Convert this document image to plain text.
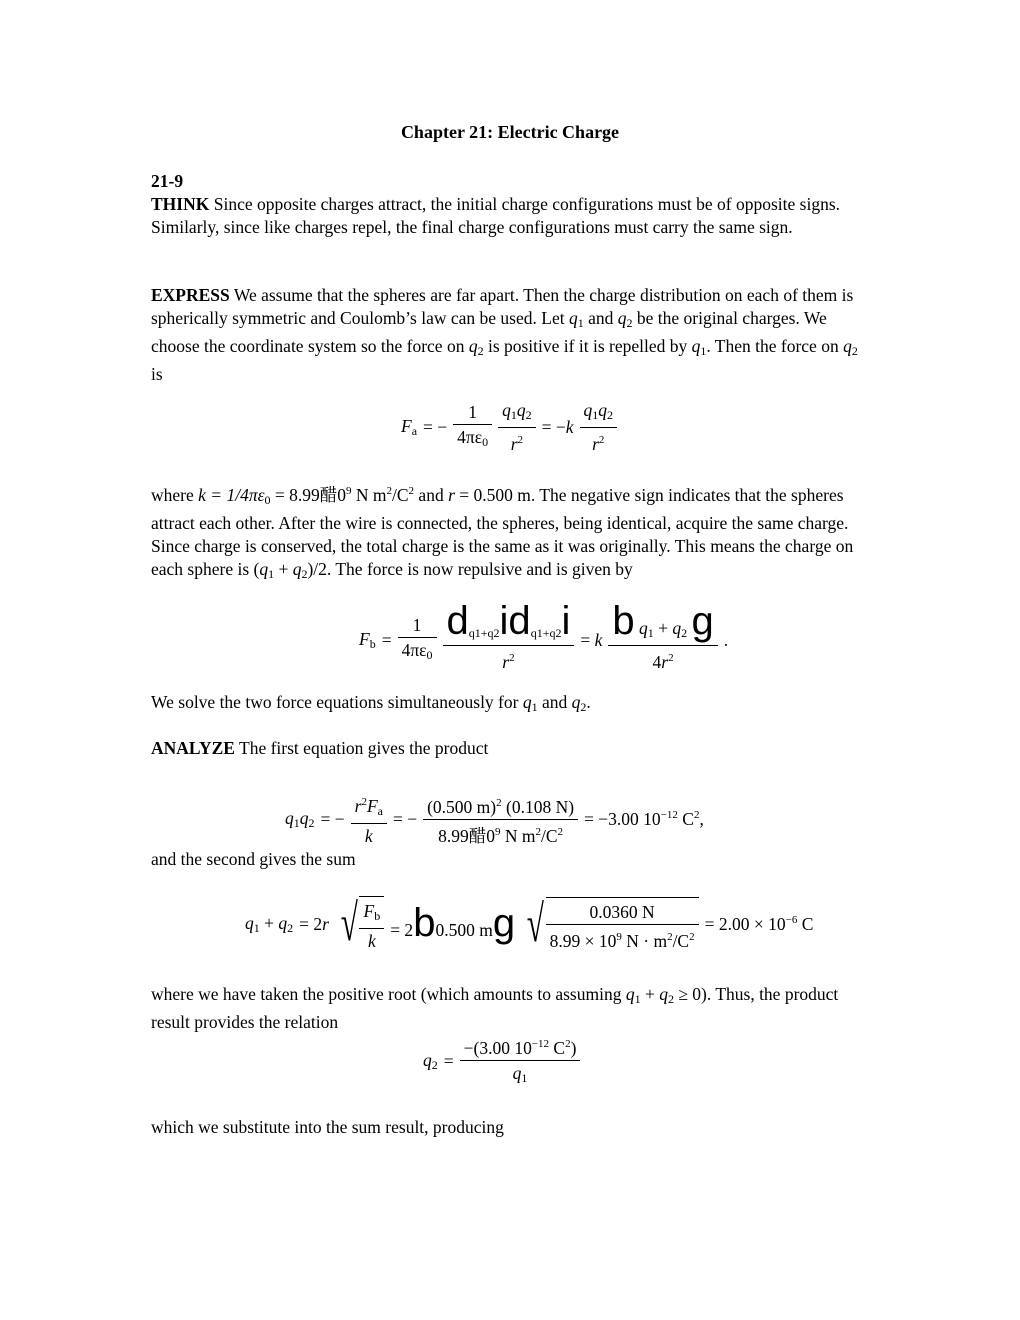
Chapter 21: Electric Charge
21-9

THINK Since opposite charges attract, the initial charge configurations must be of opposite signs. Similarly, since like charges repel, the final charge configurations must carry the same sign.

EXPRESS We assume that the spheres are far apart. Then the charge distribution on each of them is spherically symmetric and Coulomb’s law can be used. Let $q_1$ and $q_2$ be the original charges. We choose the coordinate system so the force on $q_2$ is positive if it is repelled by $q_1$. Then the force on $q_2$ is

$F_a$ = − $\frac{1}{4\pi\varepsilon_0} \frac{q_1q_2}{r^2} = -k \frac{q_1q_2}{r^2}$

where $k = 1/4\pi\varepsilon_0 = 8.99$醋$0^9$ N $m^2/C^2$ and r = 0.500 m. The negative sign indicates that the spheres attract each other. After the wire is connected, the spheres, being identical, acquire the same charge. Since charge is conserved, the total charge is the same as it was originally. This means the charge on each sphere is $(q_1 + q_2)/2$. The force is now repulsive and is given by

$F_b = \frac{1}{4\pi\varepsilon_0} \frac{d_{q1+q2}id_{q1+q2}i}{r^2} = k \frac{b q_1 + q_2 g}{4r^2}$ .

We solve the two force equations simultaneously for $q_1$ and $q_2$.

ANALYZE The first equation gives the product

$q_1q_2$ = − $\frac{r^2F_a}{k}$ = − $\frac{(0.500 m)^2 (0.108 N)}{8.99醋0^9 N m^2/C^2} = -3.00$ $10^{-12}$ $C^2$,

and the second gives the sum

$q_1 + q_2 = 2r$ √ $\frac{F_b}{k} = 2b0.500$ mg √ $\frac{0.0360 N}{8.99 \times 10^9 N \cdot m^2/C^2} = 2.00 \times 10^{-6}$ C

where we have taken the positive root (which amounts to assuming $q_1 + q_2 \ge 0$). Thus, the product result provides the relation

$q_2 = \frac{-(3.00 10^{-12} C^2)}{q_1}$

which we substitute into the sum result, producing
